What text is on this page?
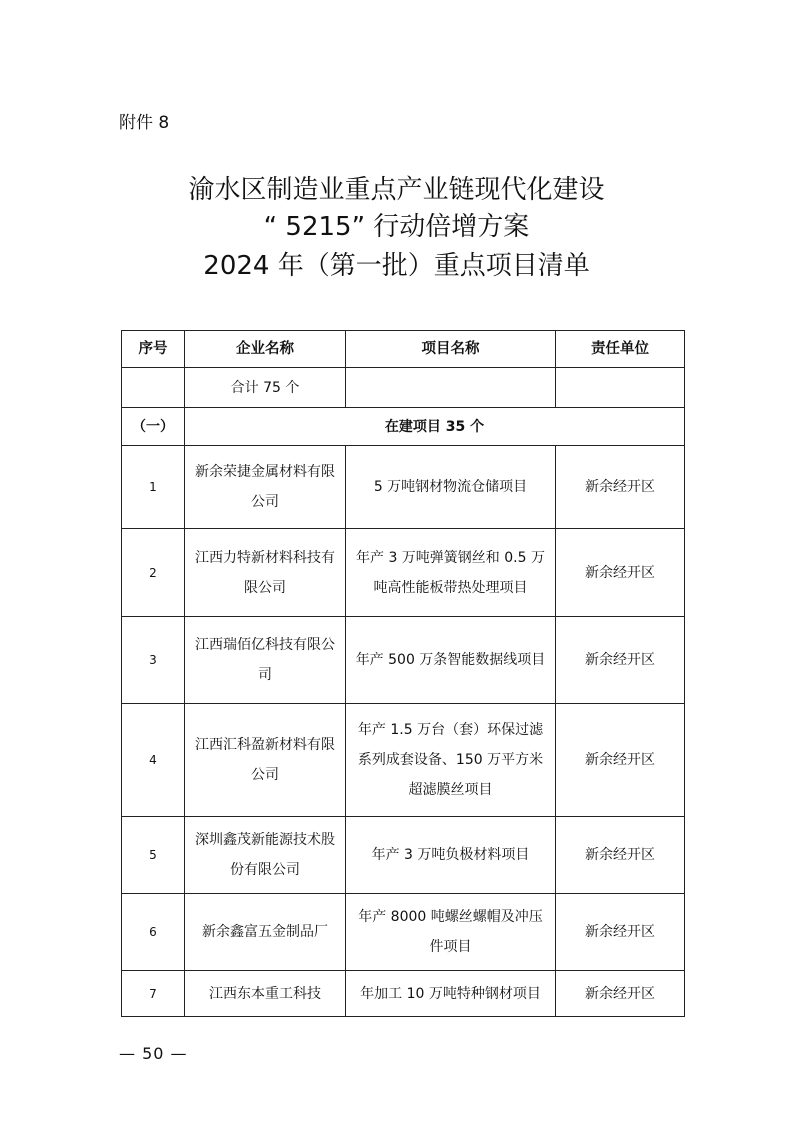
附件 8
渝水区制造业重点产业链现代化建设
“ 5215” 行动倍增方案
2024 年（第一批）重点项目清单
序号	企业名称	项目名称	责任单位
	合计 75 个		
（一）	在建项目 35 个		
1	新余荣捷金属材料有限公司	5 万吨钢材物流仓储项目	新余经开区
2	江西力特新材料科技有限公司	年产 3 万吨弹簧钢丝和 0.5 万吨高性能板带热处理项目	新余经开区
3	江西瑞佰亿科技有限公司	年产 500 万条智能数据线项目	新余经开区
4	江西汇科盈新材料有限公司	年产 1.5 万台（套）环保过滤系列成套设备、150 万平方米超滤膜丝项目	新余经开区
5	深圳鑫茂新能源技术股份有限公司	年产 3 万吨负极材料项目	新余经开区
6	新余鑫富五金制品厂	年产 8000 吨螺丝螺帽及冲压件项目	新余经开区
7	江西东本重工科技	年加工 10 万吨特种钢材项目	新余经开区
— 50 —
